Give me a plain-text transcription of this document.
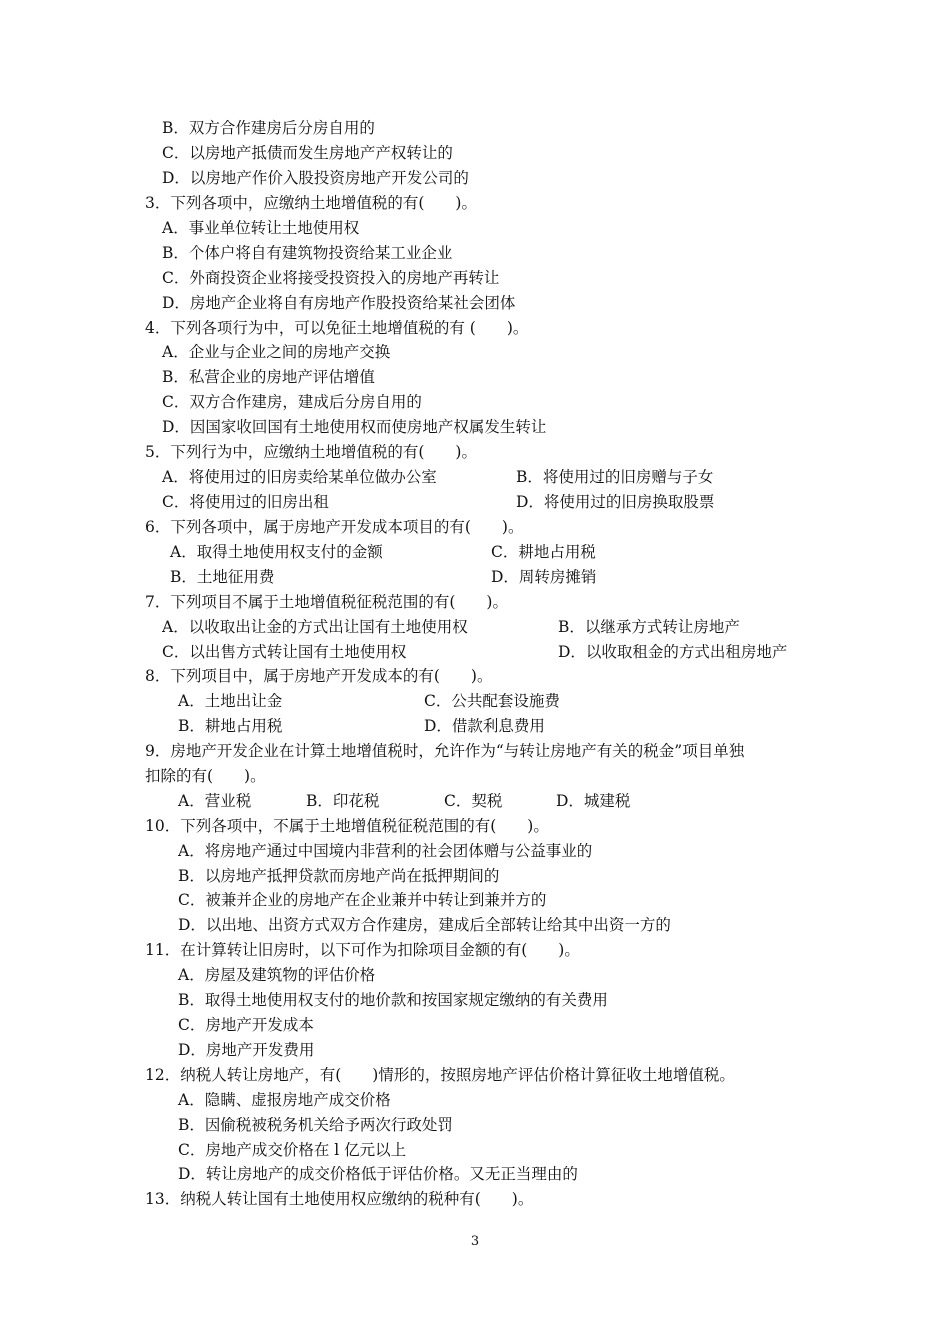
B．双方合作建房后分房自用的
C．以房地产抵债而发生房地产产权转让的
D．以房地产作价入股投资房地产开发公司的
3．下列各项中，应缴纳土地增值税的有(　　)。
A．事业单位转让土地使用权
B．个体户将自有建筑物投资给某工业企业
C．外商投资企业将接受投资投入的房地产再转让
D．房地产企业将自有房地产作股投资给某社会团体
4．下列各项行为中，可以免征土地增值税的有 (　　)。
A．企业与企业之间的房地产交换
B．私营企业的房地产评估增值
C．双方合作建房，建成后分房自用的
D．因国家收回国有土地使用权而使房地产权属发生转让
5．下列行为中，应缴纳土地增值税的有(　　)。
A．将使用过的旧房卖给某单位做办公室	B．将使用过的旧房赠与子女
C．将使用过的旧房出租	D．将使用过的旧房换取股票
6．下列各项中，属于房地产开发成本项目的有(　　)。
A．取得土地使用权支付的金额	C．耕地占用税
B．土地征用费	D．周转房摊销
7．下列项目不属于土地增值税征税范围的有(　　)。
A．以收取出让金的方式出让国有土地使用权	B．以继承方式转让房地产
C．以出售方式转让国有土地使用权	D．以收取租金的方式出租房地产
8．下列项目中，属于房地产开发成本的有(　　)。
A．土地出让金	C．公共配套设施费
B．耕地占用税	D．借款利息费用
9．房地产开发企业在计算土地增值税时，允许作为“与转让房地产有关的税金”项目单独
扣除的有(　　)。
A．营业税	B．印花税	C．契税	D．城建税
10．下列各项中，不属于土地增值税征税范围的有(　　)。
A．将房地产通过中国境内非营利的社会团体赠与公益事业的
B．以房地产抵押贷款而房地产尚在抵押期间的
C．被兼并企业的房地产在企业兼并中转让到兼并方的
D．以出地、出资方式双方合作建房，建成后全部转让给其中出资一方的
11．在计算转让旧房时，以下可作为扣除项目金额的有(　　)。
A．房屋及建筑物的评估价格
B．取得土地使用权支付的地价款和按国家规定缴纳的有关费用
C．房地产开发成本
D．房地产开发费用
12．纳税人转让房地产，有(　　)情形的，按照房地产评估价格计算征收土地增值税。
A．隐瞒、虚报房地产成交价格
B．因偷税被税务机关给予两次行政处罚
C．房地产成交价格在 l 亿元以上
D．转让房地产的成交价格低于评估价格。又无正当理由的
13．纳税人转让国有土地使用权应缴纳的税种有(　　)。
3
